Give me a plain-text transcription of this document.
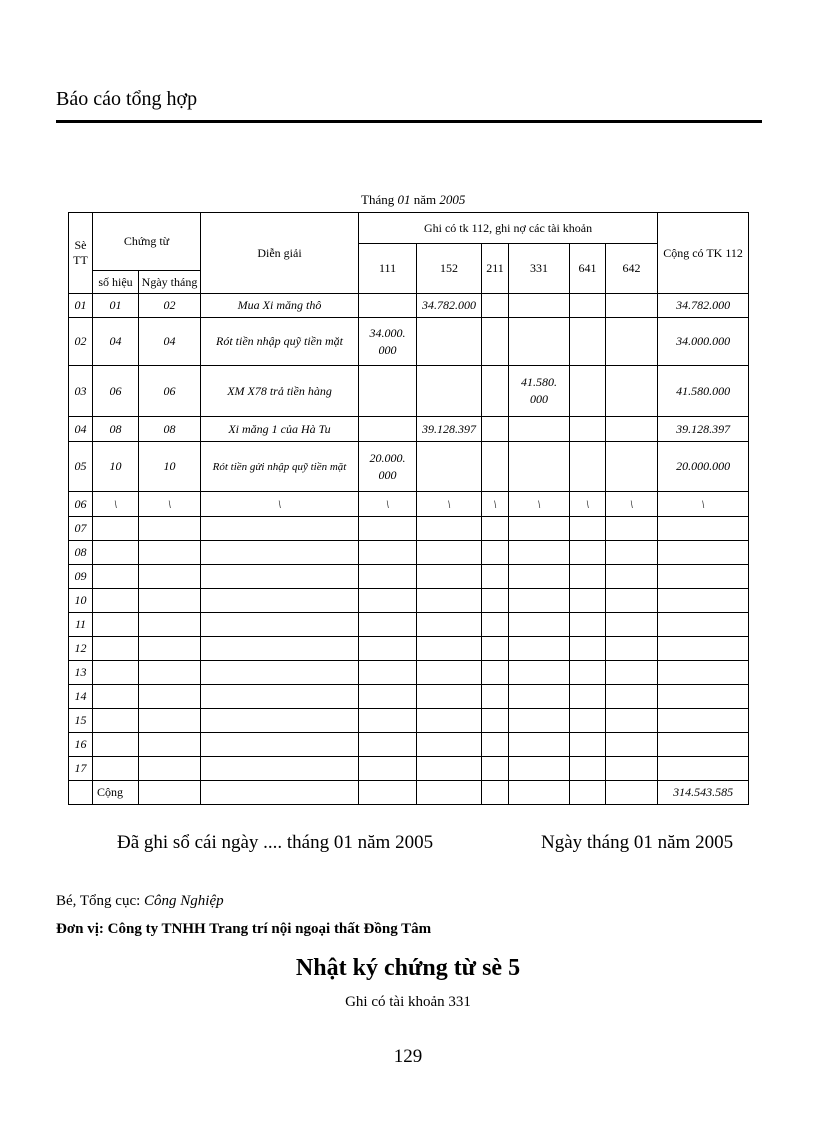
Báo cáo tổng hợp
Tháng 01 năm 2005
Sè TT	Chứng từ		Diễn giải	Ghi có tk 112, ghi nợ các tài khoản						Cộng có TK 112
				111	152	211	331	641	642	
	số hiệu	Ngày tháng								
01	01	02	Mua Xi măng thô		34.782.000					34.782.000
02	04	04	Rót tiền nhập quỹ tiền mặt	34.000. 000						34.000.000
03	06	06	XM X78 trả tiền hàng				41.580. 000			41.580.000
04	08	08	Xi măng 1 của Hà Tu		39.128.397					39.128.397
05	10	10	Rót tiền gửi nhập quỹ tiền mặt	20.000. 000						20.000.000
06	\	\	\	\	\	\	\	\	\	\
07										
08										
09										
10										
11										
12										
13										
14										
15										
16										
17										
	Cộng									314.543.585
Đã ghi sổ cái ngày .... tháng 01 năm 2005	Ngày tháng 01 năm 2005
Bé, Tổng cục: Công Nghiệp
Đơn vị: Công ty TNHH Trang trí nội ngoại thất Đồng Tâm
Nhật ký chứng từ sè 5
Ghi có tài khoản 331
129
